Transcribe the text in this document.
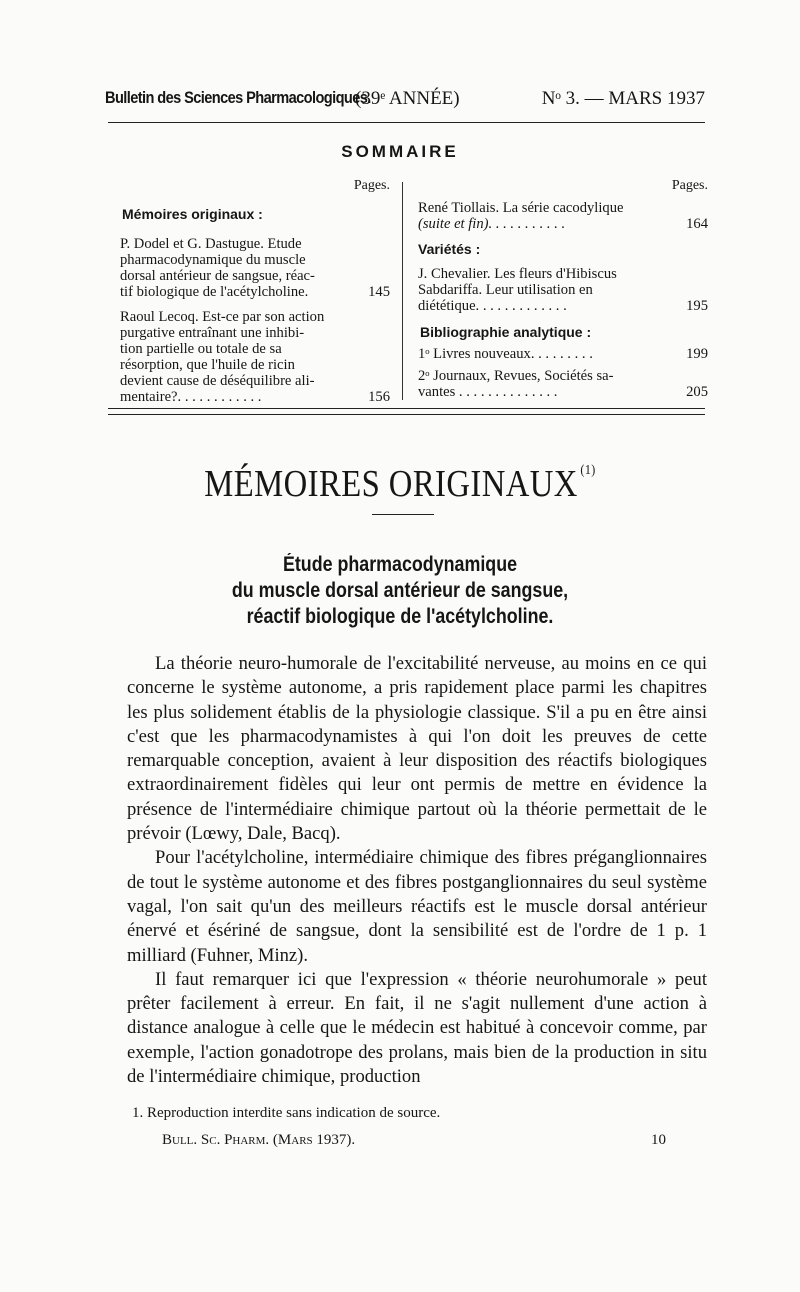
Bulletin des Sciences Pharmacologiques.
(39ᵉ ANNÉE)	Nᵒ 3. — MARS 1937
SOMMAIRE
Pages.
Mémoires originaux :
P. Dodel et G. Dastugue. Etude
pharmacodynamique du muscle
dorsal antérieur de sangsue, réac-
tif biologique de l'acétylcholine.	145
Raoul Lecoq. Est-ce par son action
purgative entraînant une inhibi-
tion partielle ou totale de sa
résorption, que l'huile de ricin
devient cause de déséquilibre ali-
mentaire?. . . . . . . . . . . .	156
Pages.
René Tiollais. La série cacodylique
(suite et fin). . . . . . . . . . .	164
Variétés :
J. Chevalier. Les fleurs d'Hibiscus
Sabdariffa. Leur utilisation en
diététique. . . . . . . . . . . . .	195
Bibliographie analytique :
1ᵒ Livres nouveaux. . . . . . . . .	199
2ᵒ Journaux, Revues, Sociétés sa-
vantes . . . . . . . . . . . . . .	205
MÉMOIRES ORIGINAUX $^{(1)}$
Étude pharmacodynamique
du muscle dorsal antérieur de sangsue,
réactif biologique de l'acétylcholine.

La théorie neuro-humorale de l'excitabilité nerveuse, au moins en ce qui concerne le système autonome, a pris rapidement place parmi les chapitres les plus solidement établis de la physiologie classique. S'il a pu en être ainsi c'est que les pharmacodynamistes à qui l'on doit les preuves de cette remarquable conception, avaient à leur disposition des réactifs biologiques extraordinairement fidèles qui leur ont permis de mettre en évidence la présence de l'intermédiaire chimique partout où la théorie permettait de le prévoir (Lœwy, Dale, Bacq).

Pour l'acétylcholine, intermédiaire chimique des fibres préganglionnaires de tout le système autonome et des fibres postganglionnaires du seul système vagal, l'on sait qu'un des meilleurs réactifs est le muscle dorsal antérieur énervé et ésériné de sangsue, dont la sensibilité est de l'ordre de 1 p. 1 milliard (Fuhner, Minz).

Il faut remarquer ici que l'expression « théorie neurohumorale » peut prêter facilement à erreur. En fait, il ne s'agit nullement d'une action à distance analogue à celle que le médecin est habitué à concevoir comme, par exemple, l'action gonadotrope des prolans, mais bien de la production in situ de l'intermédiaire chimique, production

1. Reproduction interdite sans indication de source.
Bull. Sc. Pharm. (Mars 1937).	10
